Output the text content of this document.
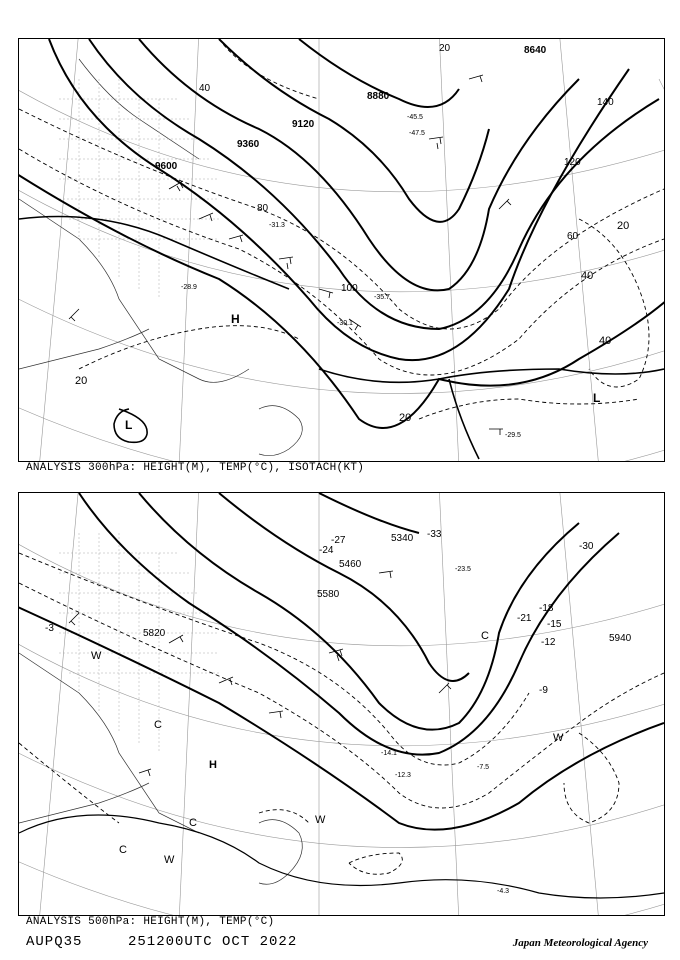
8640
8880
9120
9360
9600
20
40
60
80
100
120
140
20
20
20
40
40
H
L
L
-47.5
-45.5
-31.3
-35.7
-30.1
-28.9
-29.5
ANALYSIS 300hPa: HEIGHT(M), TEMP(°C), ISOTACH(KT)
5340
5460
5580
5820	5940
-3
-9
-12
-15
-18
-21
-24
-27
-30
-33
H
C
C
C
C
W
W
W
W
-23.5
-14.1
-12.3
-7.5
-4.3
ANALYSIS 500hPa: HEIGHT(M), TEMP(°C)
AUPQ35	251200UTC OCT 2022	Japan Meteorological Agency
